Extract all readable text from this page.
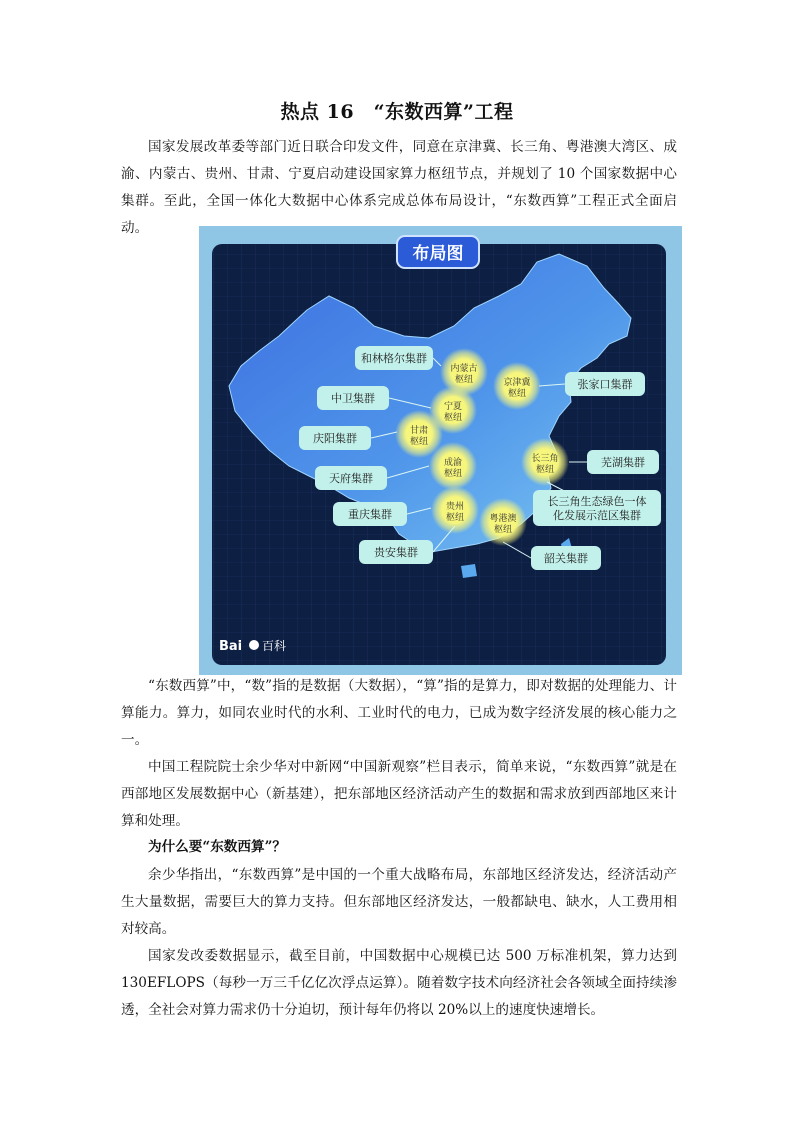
热点 16　“东数西算”工程

国家发展改革委等部门近日联合印发文件，同意在京津冀、长三角、粤港澳大湾区、成渝、内蒙古、贵州、甘肃、宁夏启动建设国家算力枢纽节点，并规划了 10 个国家数据中心集群。至此，全国一体化大数据中心体系完成总体布局设计，“东数西算”工程正式全面启动。

布局图
内蒙古
枢纽	京津冀
枢纽
宁夏
枢纽
甘肃
枢纽
成渝
枢纽
长三角
枢纽
贵州
枢纽	粤港澳
枢纽
和林格尔集群
中卫集群
庆阳集群
天府集群
重庆集群
贵安集群
张家口集群
芜湖集群
长三角生态绿色一体
化发展示范区集群
韶关集群
Bai 百科

“东数西算”中，“数”指的是数据（大数据），“算”指的是算力，即对数据的处理能力、计算能力。算力，如同农业时代的水利、工业时代的电力，已成为数字经济发展的核心能力之一。

中国工程院院士余少华对中新网“中国新观察”栏目表示，简单来说，“东数西算”就是在西部地区发展数据中心（新基建），把东部地区经济活动产生的数据和需求放到西部地区来计算和处理。

为什么要“东数西算”？

余少华指出，“东数西算”是中国的一个重大战略布局，东部地区经济发达，经济活动产生大量数据，需要巨大的算力支持。但东部地区经济发达，一般都缺电、缺水，人工费用相对较高。

国家发改委数据显示，截至目前，中国数据中心规模已达 500 万标准机架，算力达到 130EFLOPS（每秒一万三千亿亿次浮点运算）。随着数字技术向经济社会各领域全面持续渗透，全社会对算力需求仍十分迫切，预计每年仍将以 20%以上的速度快速增长。
